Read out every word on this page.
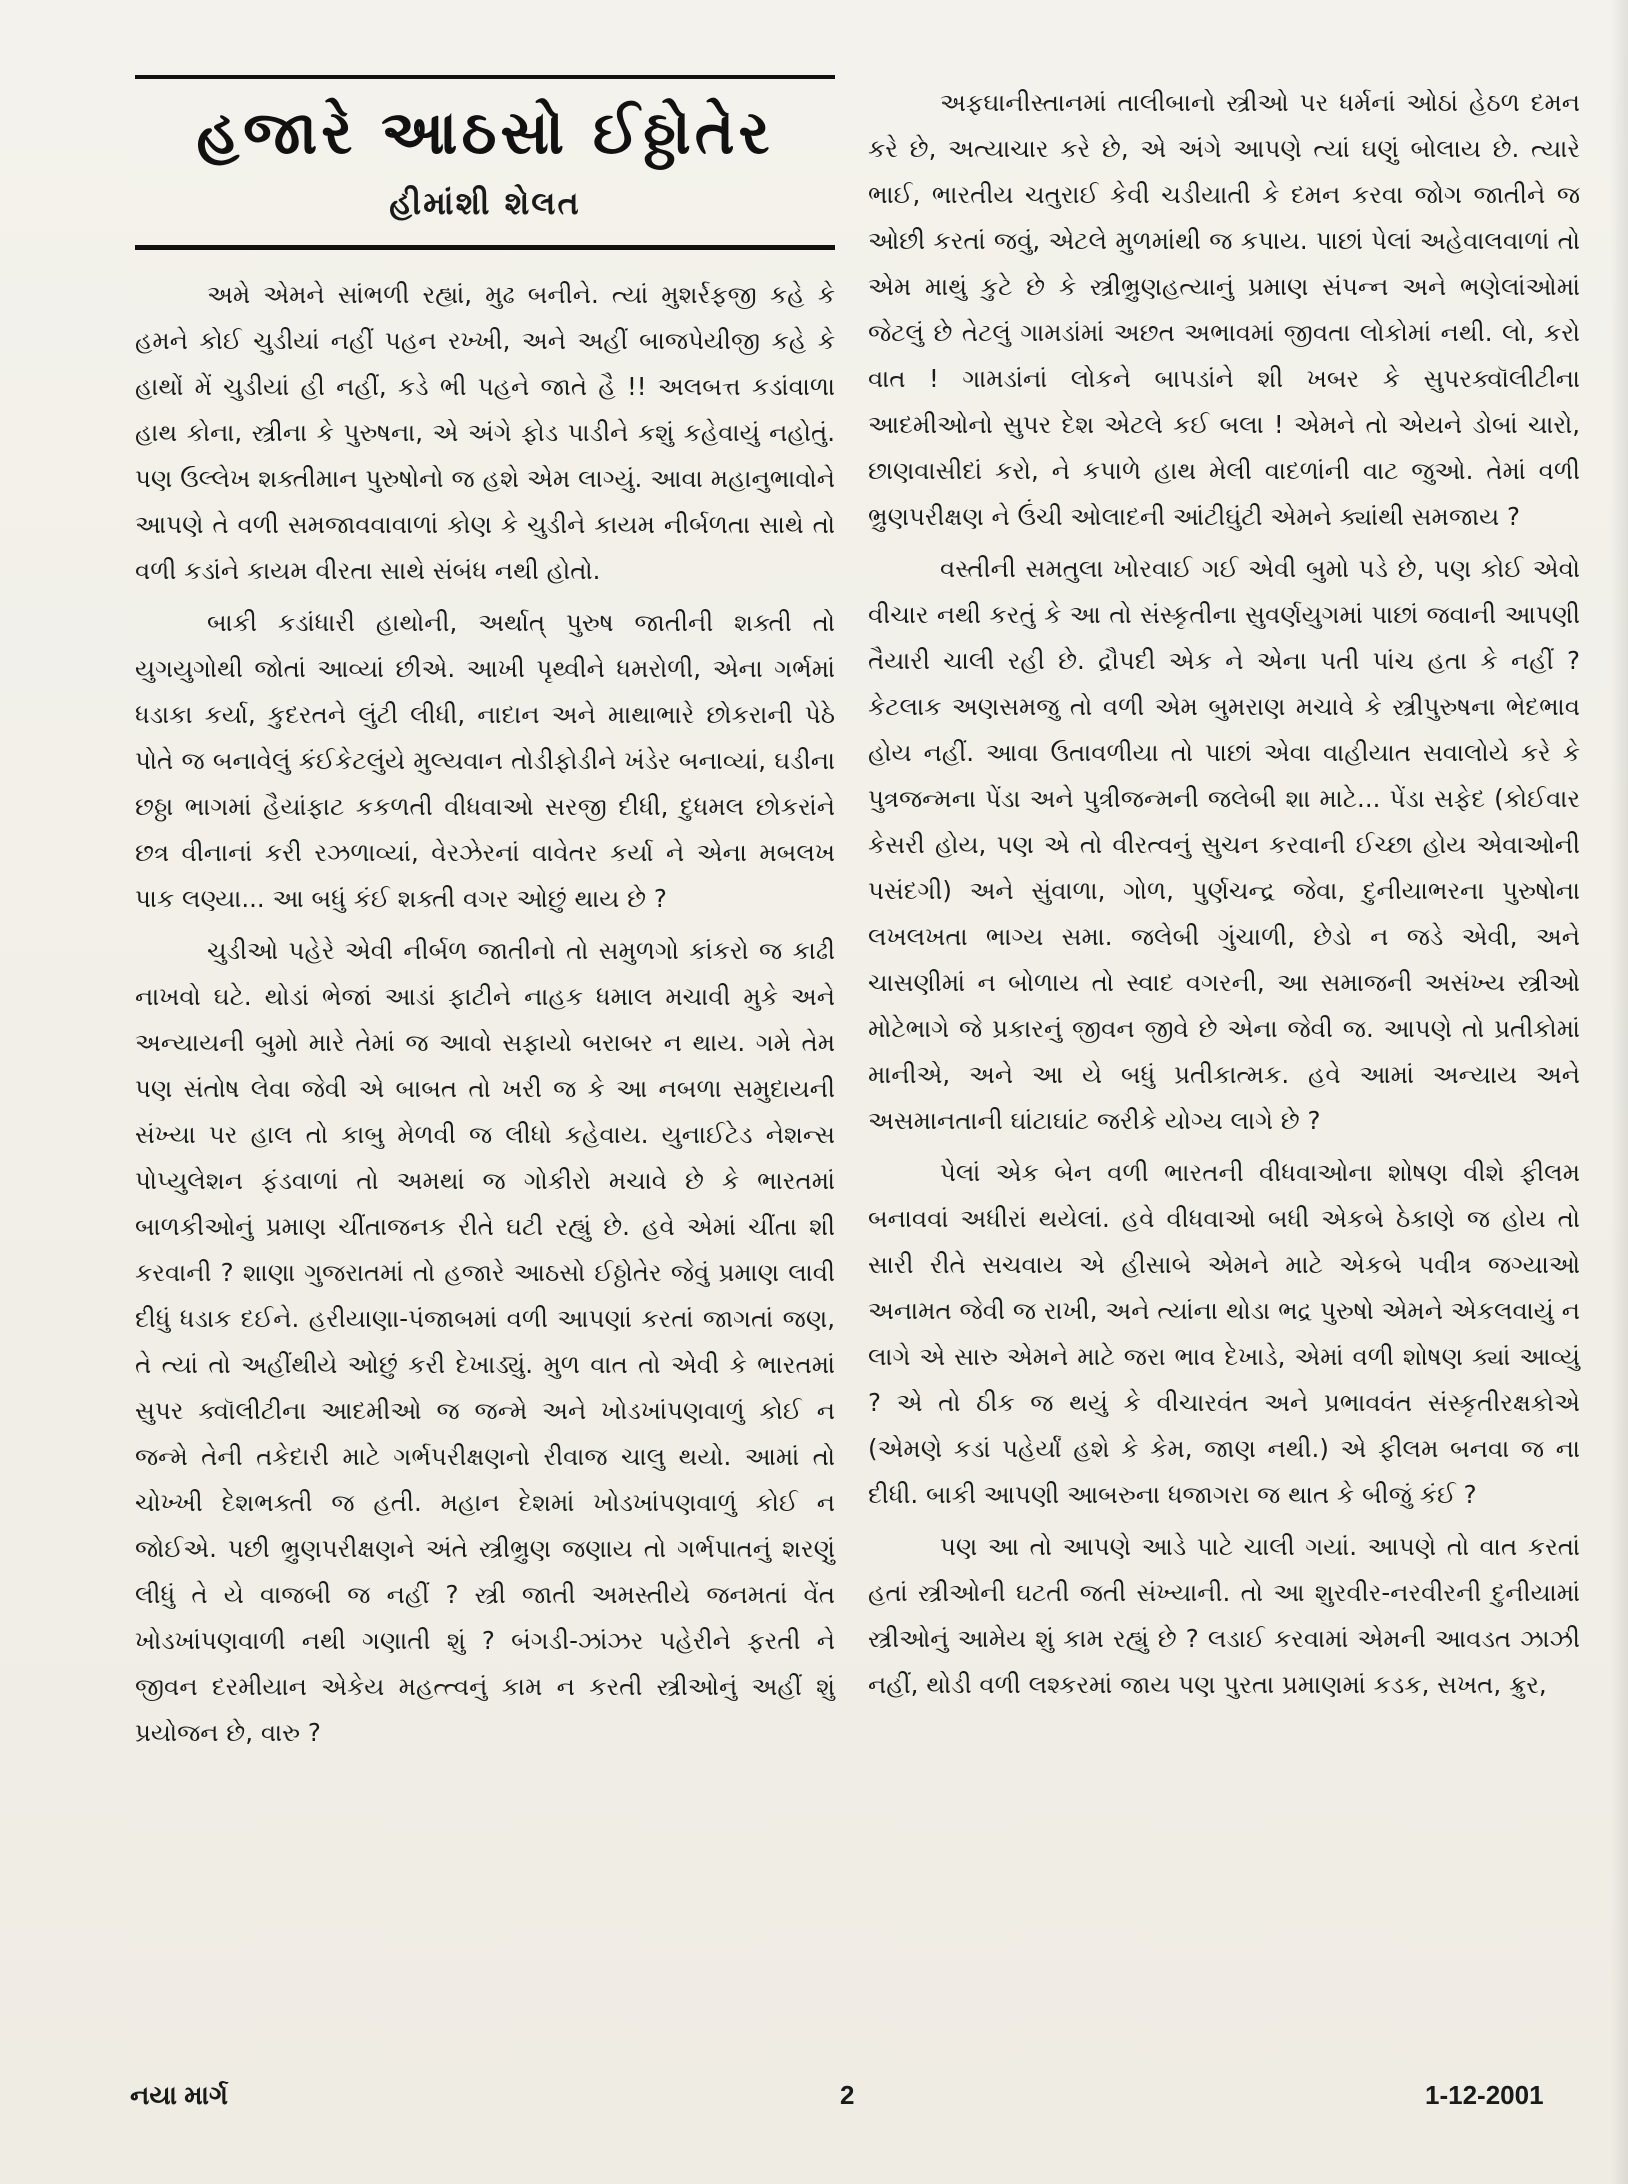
હજારે આઠસો ઈઠ્ઠોતેર
હીમાંશી શેલત

અમે એમને સાંભળી રહ્યાં, મુઢ બનીને. ત્યાં મુશર્રફજી કહે કે હમને કોઈ ચુડીયાં નહીં પહન રખ્ખી, અને અહીં બાજપેયીજી કહે કે હાથોં મેં ચુડીયાં હી નહીં, કડે ભી પહને જાતે હૈ !! અલબત્ત કડાંવાળા હાથ કોના, સ્ત્રીના કે પુરુષના, એ અંગે ફોડ પાડીને કશું કહેવાયું નહોતું. પણ ઉલ્લેખ શક્તીમાન પુરુષોનો જ હશે એમ લાગ્યું. આવા મહાનુભાવોને આપણે તે વળી સમજાવવાવાળાં કોણ કે ચુડીને કાયમ નીર્બળતા સાથે તો વળી કડાંને કાયમ વીરતા સાથે સંબંધ નથી હોતો.

બાકી કડાંધારી હાથોની, અર્થાત્ પુરુષ જાતીની શક્તી તો યુગયુગોથી જોતાં આવ્યાં છીએ. આખી પૃથ્વીને ધમરોળી, એના ગર્ભમાં ધડાકા કર્યા, કુદરતને લુંટી લીધી, નાદાન અને માથાભારે છોકરાની પેઠે પોતે જ બનાવેલું કંઈકેટલુંયે મુલ્યવાન તોડીફોડીને ખંડેર બનાવ્યાં, ઘડીના છઠ્ઠા ભાગમાં હૈયાંફાટ કકળતી વીધવાઓ સરજી દીધી, દુધમલ છોકરાંને છત્ર વીનાનાં કરી રઝળાવ્યાં, વેરઝેરનાં વાવેતર કર્યા ને એના મબલખ પાક લણ્યા... આ બધું કંઈ શક્તી વગર ઓછું થાય છે ?

ચુડીઓ પહેરે એવી નીર્બળ જાતીનો તો સમુળગો કાંકરો જ કાઢી નાખવો ઘટે. થોડાં ભેજાં આડાં ફાટીને નાહક ધમાલ મચાવી મુકે અને અન્યાયની બુમો મારે તેમાં જ આવો સફાયો બરાબર ન થાય. ગમે તેમ પણ સંતોષ લેવા જેવી એ બાબત તો ખરી જ કે આ નબળા સમુદાયની સંખ્યા પર હાલ તો કાબુ મેળવી જ લીધો કહેવાય. યુનાઈટેડ નેશન્સ પોપ્યુલેશન ફંડવાળાં તો અમથાં જ ગોકીરો મચાવે છે કે ભારતમાં બાળકીઓનું પ્રમાણ ચીંતાજનક રીતે ઘટી રહ્યું છે. હવે એમાં ચીંતા શી કરવાની ? શાણા ગુજરાતમાં તો હજારે આઠસો ઈઠ્ઠોતેર જેવું પ્રમાણ લાવી દીધું ધડાક દઈને. હરીયાણા-પંજાબમાં વળી આપણાં કરતાં જાગતાં જણ, તે ત્યાં તો અહીંથીયે ઓછું કરી દેખાડ્યું. મુળ વાત તો એવી કે ભારતમાં સુપર ક્વૉલીટીના આદમીઓ જ જન્મે અને ખોડખાંપણવાળું કોઈ ન જન્મે તેની તકેદારી માટે ગર્ભપરીક્ષણનો રીવાજ ચાલુ થયો. આમાં તો ચોખ્ખી દેશભક્તી જ હતી. મહાન દેશમાં ખોડખાંપણવાળું કોઈ ન જોઈએ. પછી ભ્રુણપરીક્ષણને અંતે સ્ત્રીભ્રુણ જણાય તો ગર્ભપાતનું શરણું લીધું તે યે વાજબી જ નહીં ? સ્ત્રી જાતી અમસ્તીયે જનમતાં વેંત ખોડખાંપણવાળી નથી ગણાતી શું ? બંગડી-ઝાંઝર પહેરીને ફરતી ને જીવન દરમીયાન એકેય મહત્ત્વનું કામ ન કરતી સ્ત્રીઓનું અહીં શું પ્રયોજન છે, વારુ ?

અફઘાનીસ્તાનમાં તાલીબાનો સ્ત્રીઓ પર ધર્મનાં ઓઠાં હેઠળ દમન કરે છે, અત્યાચાર કરે છે, એ અંગે આપણે ત્યાં ઘણું બોલાય છે. ત્યારે ભાઈ, ભારતીય ચતુરાઈ કેવી ચડીયાતી કે દમન કરવા જોગ જાતીને જ ઓછી કરતાં જવું, એટલે મુળમાંથી જ કપાય. પાછાં પેલાં અહેવાલવાળાં તો એમ માથું કુટે છે કે સ્ત્રીભ્રુણહત્યાનું પ્રમાણ સંપન્ન અને ભણેલાંઓમાં જેટલું છે તેટલું ગામડાંમાં અછત અભાવમાં જીવતા લોકોમાં નથી. લો, કરો વાત ! ગામડાંનાં લોકને બાપડાંને શી ખબર કે સુપરક્વૉલીટીના આદમીઓનો સુપર દેશ એટલે કઈ બલા ! એમને તો એયને ડોબાં ચારો, છાણવાસીદાં કરો, ને કપાળે હાથ મેલી વાદળાંની વાટ જુઓ. તેમાં વળી ભ્રુણપરીક્ષણ ને ઉંચી ઓલાદની આંટીઘુંટી એમને ક્યાંથી સમજાય ?

વસ્તીની સમતુલા ખોરવાઈ ગઈ એવી બુમો પડે છે, પણ કોઈ એવો વીચાર નથી કરતું કે આ તો સંસ્કૃતીના સુવર્ણયુગમાં પાછાં જવાની આપણી તૈયારી ચાલી રહી છે. દ્રૌપદી એક ને એના પતી પાંચ હતા કે નહીં ? કેટલાક અણસમજુ તો વળી એમ બુમરાણ મચાવે કે સ્ત્રીપુરુષના ભેદભાવ હોય નહીં. આવા ઉતાવળીયા તો પાછાં એવા વાહીયાત સવાલોયે કરે કે પુત્રજન્મના પેંડા અને પુત્રીજન્મની જલેબી શા માટે... પેંડા સફેદ (કોઈવાર કેસરી હોય, પણ એ તો વીરત્વનું સુચન કરવાની ઈચ્છા હોય એવાઓની પસંદગી) અને સુંવાળા, ગોળ, પુર્ણચન્દ્ર જેવા, દુનીયાભરના પુરુષોના લખલખતા ભાગ્ય સમા. જલેબી ગુંચાળી, છેડો ન જડે એવી, અને ચાસણીમાં ન બોળાય તો સ્વાદ વગરની, આ સમાજની અસંખ્ય સ્ત્રીઓ મોટેભાગે જે પ્રકારનું જીવન જીવે છે એના જેવી જ. આપણે તો પ્રતીકોમાં માનીએ, અને આ યે બધું પ્રતીકાત્મક. હવે આમાં અન્યાય અને અસમાનતાની ઘાંટાઘાંટ જરીકે યોગ્ય લાગે છે ?

પેલાં એક બેન વળી ભારતની વીધવાઓના શોષણ વીશે ફીલમ બનાવવાં અધીરાં થયેલાં. હવે વીધવાઓ બધી એકબે ઠેકાણે જ હોય તો સારી રીતે સચવાય એ હીસાબે એમને માટે એકબે પવીત્ર જગ્યાઓ અનામત જેવી જ રાખી, અને ત્યાંના થોડા ભદ્ર પુરુષો એમને એકલવાયું ન લાગે એ સારુ એમને માટે જરા ભાવ દેખાડે, એમાં વળી શોષણ ક્યાં આવ્યું ? એ તો ઠીક જ થયું કે વીચારવંત અને પ્રભાવવંત સંસ્કૃતીરક્ષકોએ (એમણે કડાં પહેર્યાં હશે કે કેમ, જાણ નથી.) એ ફીલમ બનવા જ ના દીધી. બાકી આપણી આબરુના ધજાગરા જ થાત કે બીજું કંઈ ?

પણ આ તો આપણે આડે પાટે ચાલી ગયાં. આપણે તો વાત કરતાં હતાં સ્ત્રીઓની ઘટતી જતી સંખ્યાની. તો આ શુરવીર-નરવીરની દુનીયામાં સ્ત્રીઓનું આમેય શું કામ રહ્યું છે ? લડાઈ કરવામાં એમની આવડત ઝાઝી નહીં, થોડી વળી લશ્કરમાં જાય પણ પુરતા પ્રમાણમાં કડક, સખત, ક્રુર,

નયા માર્ગ	2	1-12-2001
